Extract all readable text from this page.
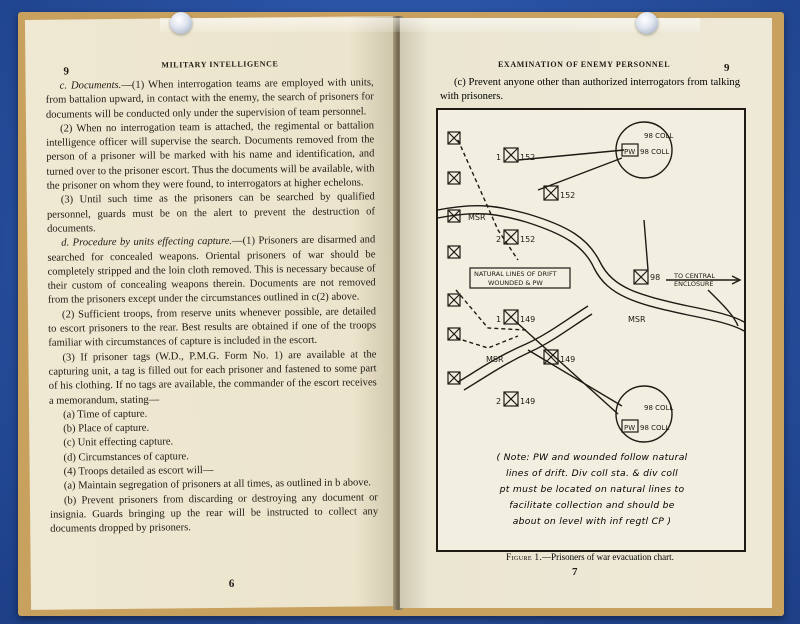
9
MILITARY INTELLIGENCE

c. Documents.—(1) When interrogation teams are employed with units, from battalion upward, in contact with the enemy, the search of prisoners for documents will be conducted only under the supervision of team personnel.

(2) When no interrogation team is attached, the regimental or battalion intelligence officer will supervise the search. Documents removed from the person of a prisoner will be marked with his name and identification, and turned over to the prisoner escort. Thus the documents will be available, with the prisoner on whom they were found, to interrogators at higher echelons.

(3) Until such time as the prisoners can be searched by qualified personnel, guards must be on the alert to prevent the destruction of documents.

d. Procedure by units effecting capture.—(1) Prisoners are disarmed and searched for concealed weapons. Oriental prisoners of war should be completely stripped and the loin cloth removed. This is necessary because of their custom of concealing weapons therein. Documents are not removed from the prisoners except under the circumstances outlined in c(2) above.

(2) Sufficient troops, from reserve units whenever possible, are detailed to escort prisoners to the rear. Best results are obtained if one of the troops familiar with circumstances of capture is included in the escort.

(3) If prisoner tags (W.D., P.M.G. Form No. 1) are available at the capturing unit, a tag is filled out for each prisoner and fastened to some part of his clothing. If no tags are available, the commander of the escort receives a memorandum, stating—

(a) Time of capture.

(b) Place of capture.

(c) Unit effecting capture.

(d) Circumstances of capture.

(4) Troops detailed as escort will—

(a) Maintain segregation of prisoners at all times, as outlined in b above.

(b) Prevent prisoners from discarding or destroying any document or insignia. Guards bringing up the rear will be instructed to collect any documents dropped by prisoners.

6
EXAMINATION OF ENEMY PERSONNEL	9
7

(c) Prevent anyone other than authorized interrogators from talking with prisoners.

MSR
MSR
MSR
NATURAL LINES OF DRIFT
WOUNDED & PW
TO CENTRAL
ENCLOSURE
98 COLL
PW 98 COLL
98
98 COLL
PW 98 COLL
152
152
152
149
149
149
1
2
1
2
( Note: PW and wounded follow natural
lines of drift. Div coll sta. & div coll
pt must be located on natural lines to
facilitate collection and should be
about on level with inf regtl CP )
Figure 1.—Prisoners of war evacuation chart.
